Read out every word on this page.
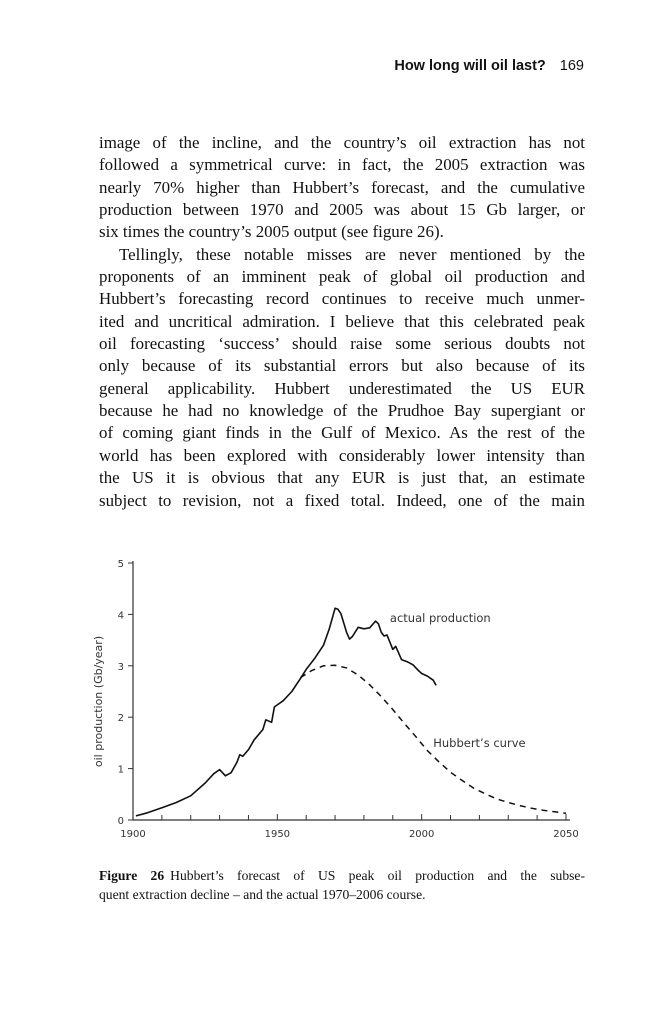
How long will oil last? 169
image of the incline, and the country’s oil extraction has not
followed a symmetrical curve: in fact, the 2005 extraction was
nearly 70% higher than Hubbert’s forecast, and the cumulative
production between 1970 and 2005 was about 15 Gb larger, or
six times the country’s 2005 output (see figure 26).
Tellingly, these notable misses are never mentioned by the
proponents of an imminent peak of global oil production and
Hubbert’s forecasting record continues to receive much unmer-
ited and uncritical admiration. I believe that this celebrated peak
oil forecasting ‘success’ should raise some serious doubts not
only because of its substantial errors but also because of its
general applicability. Hubbert underestimated the US EUR
because he had no knowledge of the Prudhoe Bay supergiant or
of coming giant finds in the Gulf of Mexico. As the rest of the
world has been explored with considerably lower intensity than
the US it is obvious that any EUR is just that, an estimate
subject to revision, not a fixed total. Indeed, one of the main
oil production (Gb/year)
0
1
2
3
4
5
1900	1950	2000	2050
actual production
Hubbert’s curve
Figure 26 Hubbert’s forecast of US peak oil production and the subse-
quent extraction decline – and the actual 1970–2006 course.
